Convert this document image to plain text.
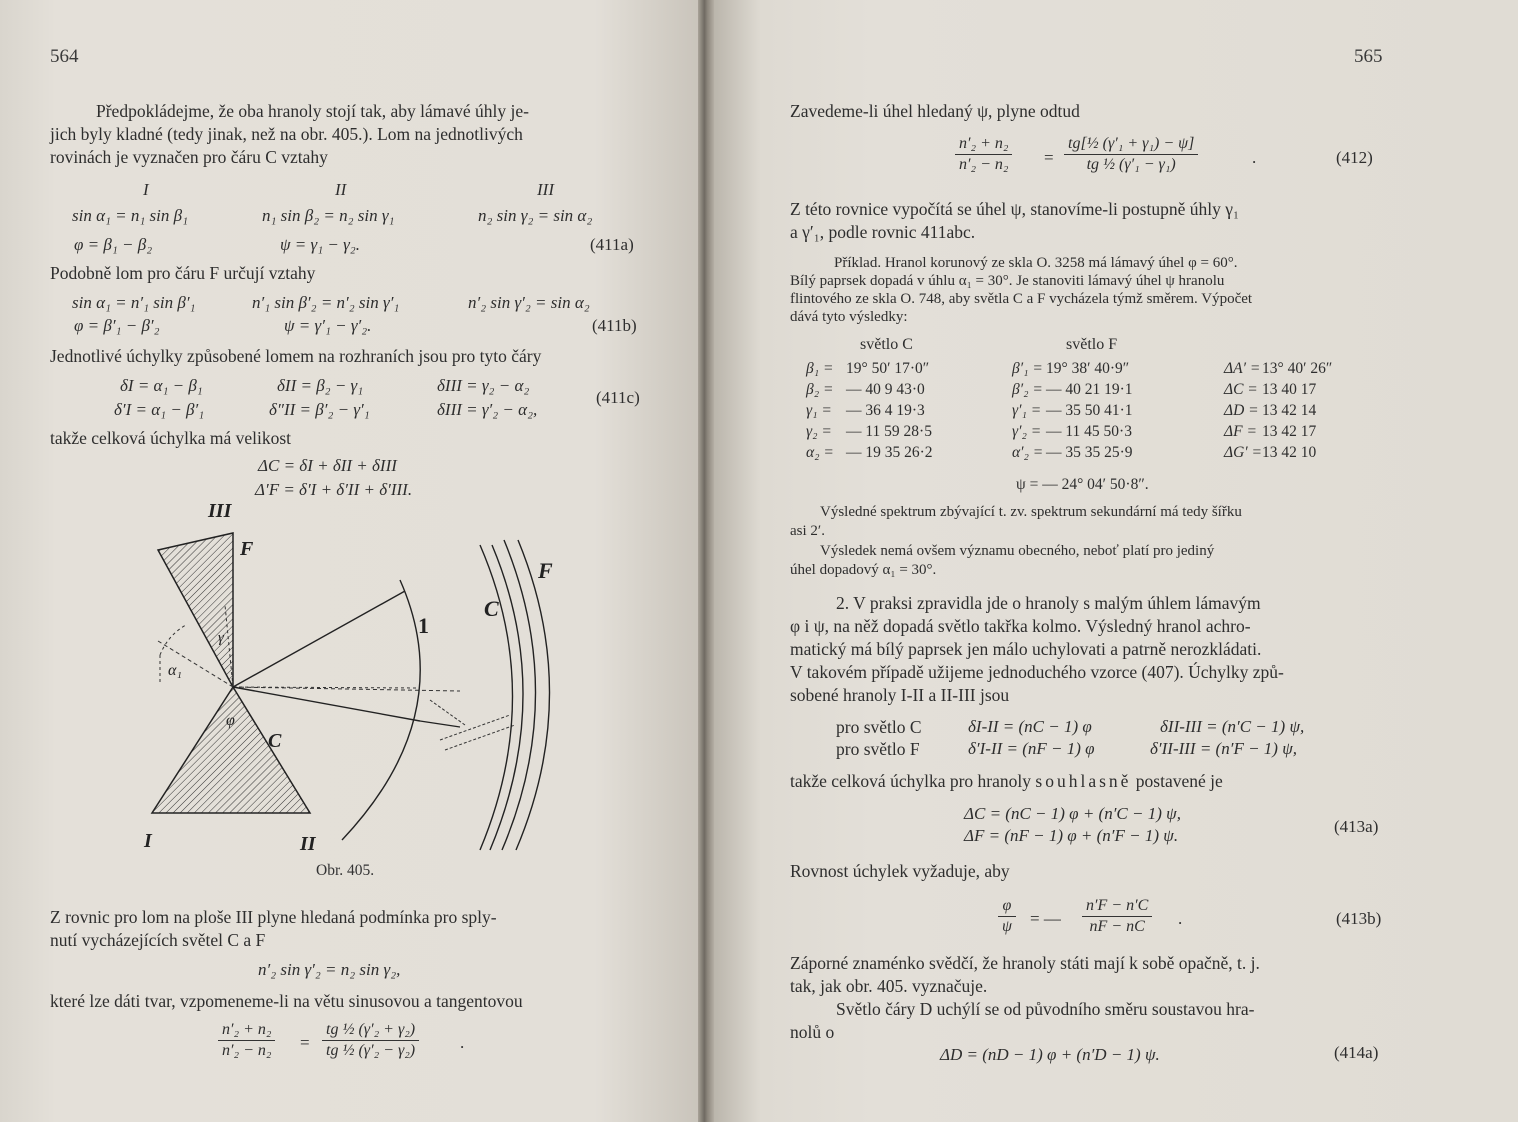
564
Předpokládejme, že oba hranoly stojí tak, aby lámavé úhly je-
jich byly kladné (tedy jinak, než na obr. 405.). Lom na jednotlivých
rovinách je vyznačen pro čáru C vztahy
I	II	III
sin α₁ = n₁ sin β₁	n₁ sin β₂ = n₂ sin γ₁	n₂ sin γ₂ = sin α₂
φ = β₁ − β₂	ψ = γ₁ − γ₂.	(411a)
Podobně lom pro čáru F určují vztahy
sin α₁ = n′₁ sin β′₁	n′₁ sin β′₂ = n′₂ sin γ′₁	n′₂ sin γ′₂ = sin α₂
φ = β′₁ − β′₂	ψ = γ′₁ − γ′₂.	(411b)
Jednotlivé úchylky způsobené lomem na rozhraních jsou pro tyto čáry
δI = α₁ − β₁	δII = β₂ − γ₁	δIII = γ₂ − α₂
δ′I = α₁ − β′₁	δ″II = β′₂ − γ′₁	δIII = γ′₂ − α₂,
(411c)
takže celková úchylka má velikost
ΔC = δI + δII + δIII
Δ′F = δ′I + δ′II + δ′III.
III
F
F
C
1
α₁
γ
φ
C
I	II
Obr. 405.
Z rovnic pro lom na ploše III plyne hledaná podmínka pro sply-
nutí vycházejících světel C a F
n′₂ sin γ′₂ = n₂ sin γ₂,
které lze dáti tvar, vzpomeneme-li na větu sinusovou a tangentovou
$\frac{\text{n′₂ + n₂}}{\text{n′₂ − n₂}} = \frac{\text{tg ½ (γ′₂ + γ₂)}}{\text{tg ½ (γ′₂ − γ₂)}}$ .
565
Zavedeme-li úhel hledaný ψ, plyne odtud
$\frac{\text{n′₂ + n₂}}{\text{n′₂ − n₂}} = \frac{\text{tg[½ (γ′₁ + γ₁) − ψ]}}{\text{tg ½ (γ′₁ − γ₁)}}$	.	(412)
Z této rovnice vypočítá se úhel ψ, stanovíme-li postupně úhly γ₁
a γ′₁, podle rovnic 411abc.
Příklad. Hranol korunový ze skla O. 3258 má lámavý úhel φ = 60°.
Bílý paprsek dopadá v úhlu α₁ = 30°. Je stanoviti lámavý úhel ψ hranolu
flintového ze skla O. 748, aby světla C a F vycházela týmž směrem. Výpočet
dává tyto výsledky:
světlo C	světlo F
β₁ = 19° 50′ 17·0″	β′₁ = 19° 38′ 40·9″	ΔA′ = 13° 40′ 26″
β₂ = — 40 9 43·0	β′₂ = — 40 21 19·1	ΔC = 13 40 17
γ₁ = — 36 4 19·3	γ′₁ = — 35 50 41·1	ΔD = 13 42 14
γ₂ = — 11 59 28·5	γ′₂ = — 11 45 50·3	ΔF = 13 42 17
α₂ = — 19 35 26·2	α′₂ = — 35 35 25·9	ΔG′ = 13 42 10
ψ = — 24° 04′ 50·8″.
Výsledné spektrum zbývající t. zv. spektrum sekundární má tedy šířku
asi 2′.
Výsledek nemá ovšem významu obecného, neboť platí pro jediný
úhel dopadový α₁ = 30°.
2. V praksi zpravidla jde o hranoly s malým úhlem lámavým
φ i ψ, na něž dopadá světlo takřka kolmo. Výsledný hranol achro-
matický má bílý paprsek jen málo uchylovati a patrně nerozkládati.
V takovém případě užijeme jednoduchého vzorce (407). Úchylky způ-
sobené hranoly I-II a II-III jsou
pro světlo C	δI-II = (nC − 1) φ	δII-III = (n′C − 1) ψ,
pro světlo F	δ′I-II = (nF − 1) φ	δ′II-III = (n′F − 1) ψ,
takže celková úchylka pro hranoly souhlasně postavené je
ΔC = (nC − 1) φ + (n′C − 1) ψ,
ΔF = (nF − 1) φ + (n′F − 1) ψ.	(413a)
Rovnost úchylek vyžaduje, aby
$\frac{\varphi}{\psi}$ = — $\frac{n'F - n'C}{nF - nC}$ .	(413b)
Záporné znaménko svědčí, že hranoly státi mají k sobě opačně, t. j.
tak, jak obr. 405. vyznačuje.
Světlo čáry D uchýlí se od původního směru soustavou hra-
nolů o
ΔD = (nD − 1) φ + (n′D − 1) ψ.	(414a)
